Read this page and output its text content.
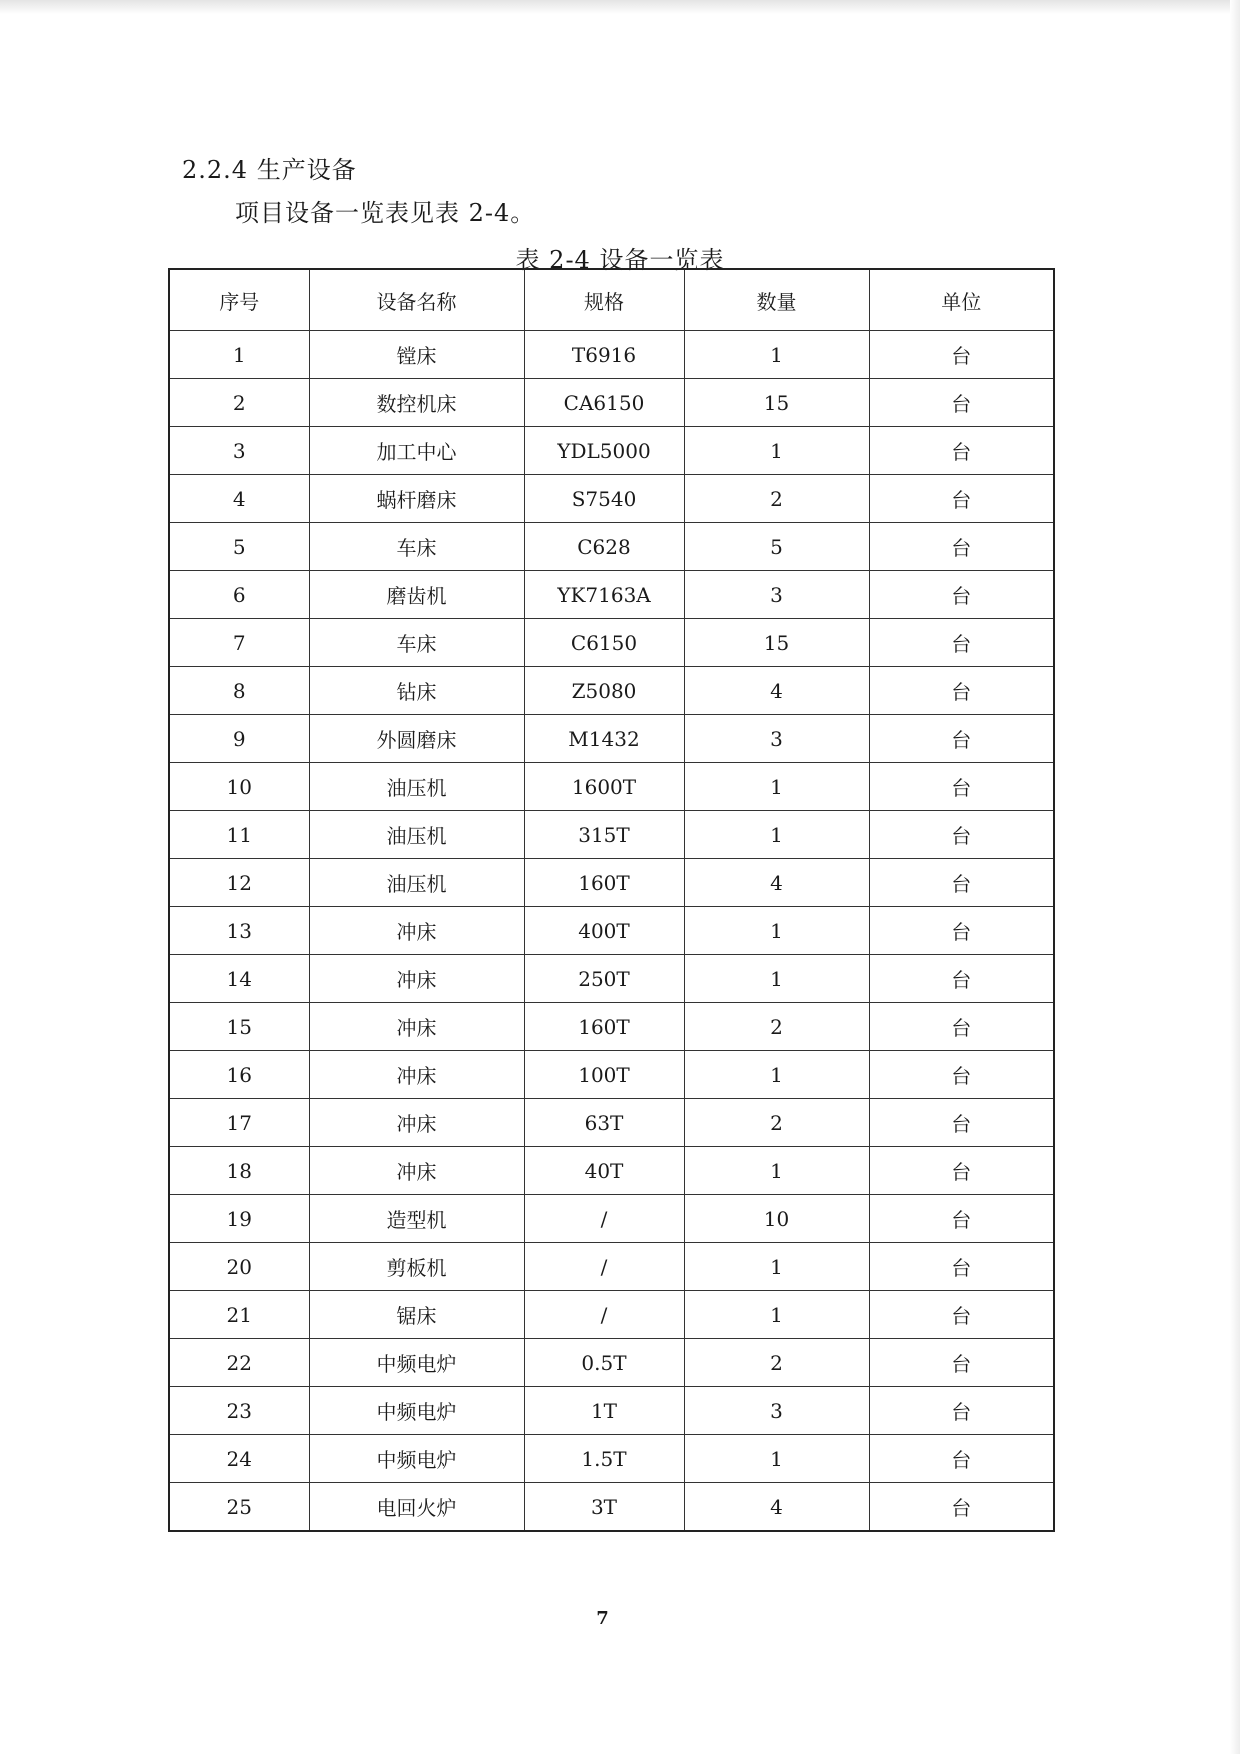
2.2.4 生产设备
项目设备一览表见表 2-4。
表 2-4 设备一览表
序号	设备名称	规格	数量	单位
1	镗床	T6916	1	台
2	数控机床	CA6150	15	台
3	加工中心	YDL5000	1	台
4	蜗杆磨床	S7540	2	台
5	车床	C628	5	台
6	磨齿机	YK7163A	3	台
7	车床	C6150	15	台
8	钻床	Z5080	4	台
9	外圆磨床	M1432	3	台
10	油压机	1600T	1	台
11	油压机	315T	1	台
12	油压机	160T	4	台
13	冲床	400T	1	台
14	冲床	250T	1	台
15	冲床	160T	2	台
16	冲床	100T	1	台
17	冲床	63T	2	台
18	冲床	40T	1	台
19	造型机	/	10	台
20	剪板机	/	1	台
21	锯床	/	1	台
22	中频电炉	0.5T	2	台
23	中频电炉	1T	3	台
24	中频电炉	1.5T	1	台
25	电回火炉	3T	4	台
7
